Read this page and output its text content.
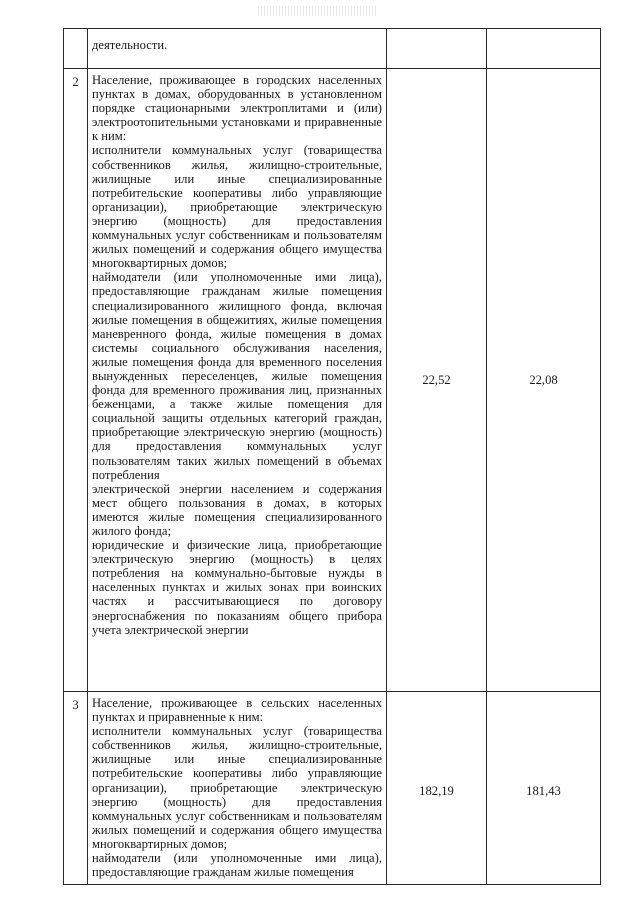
	деятельности.		

2	Население, проживающее в городских населенных пунктах в домах, оборудованных в установленном порядке стационарными электроплитами и (или) электроотопительными установками и приравненные к ним:
исполнители коммунальных услуг (товарищества собственников жилья, жилищно-строительные, жилищные или иные специализированные потребительские кооперативы либо управляющие организации), приобретающие электрическую энергию (мощность) для предоставления коммунальных услуг собственникам и пользователям жилых помещений и содержания общего имущества многоквартирных домов;
наймодатели (или уполномоченные ими лица), предоставляющие гражданам жилые помещения специализированного жилищного фонда, включая жилые помещения в общежитиях, жилые помещения маневренного фонда, жилые помещения в домах системы социального обслуживания населения, жилые помещения фонда для временного поселения вынужденных переселенцев, жилые помещения фонда для временного проживания лиц, признанных беженцами, а также жилые помещения для социальной защиты отдельных категорий граждан, приобретающие электрическую энергию (мощность) для предоставления коммунальных услуг пользователям таких жилых помещений в объемах потребления
электрической энергии населением и содержания мест общего пользования в домах, в которых имеются жилые помещения специализированного жилого фонда;
юридические и физические лица, приобретающие электрическую энергию (мощность) в целях потребления на коммунально-бытовые нужды в населенных пунктах и жилых зонах при воинских частях и рассчитывающиеся по договору энергоснабжения по показаниям общего прибора учета электрической энергии	22,52	22,08
3	Население, проживающее в сельских населенных пунктах и приравненные к ним:
исполнители коммунальных услуг (товарищества собственников жилья, жилищно-строительные, жилищные или иные специализированные потребительские кооперативы либо управляющие организации), приобретающие электрическую энергию (мощность) для предоставления коммунальных услуг собственникам и пользователям жилых помещений и содержания общего имущества многоквартирных домов;
наймодатели (или уполномоченные ими лица), предоставляющие гражданам жилые помещения	182,19	181,43
